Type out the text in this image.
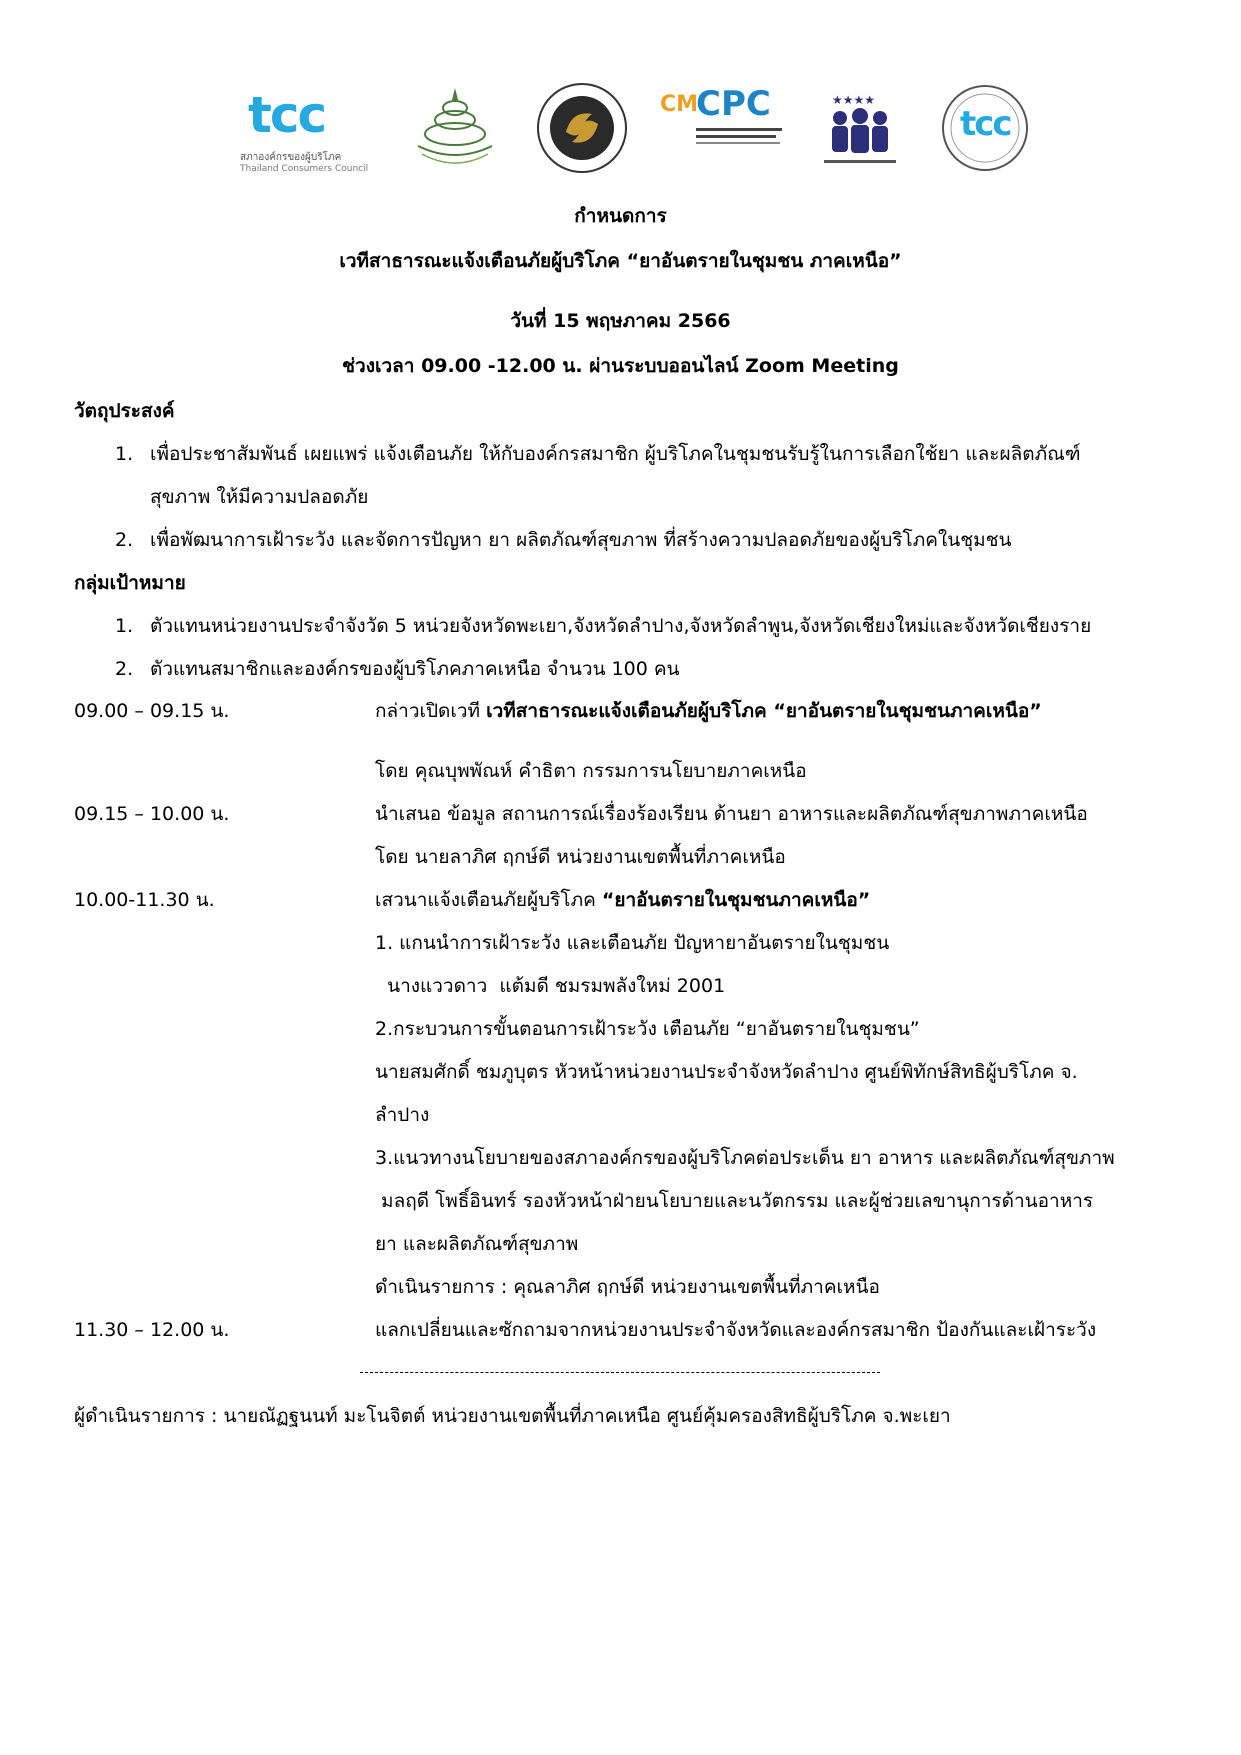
tcc
สภาองค์กรของผู้บริโภค
Thailand Consumers Council
CM
CPC	★★★★
tcc
กำหนดการ
เวทีสาธารณะแจ้งเตือนภัยผู้บริโภค “ยาอันตรายในชุมชน ภาคเหนือ”
วันที่ 15 พฤษภาคม 2566
ช่วงเวลา 09.00 -12.00 น. ผ่านระบบออนไลน์ Zoom Meeting
วัตถุประสงค์
1. เพื่อประชาสัมพันธ์ เผยแพร่ แจ้งเตือนภัย ให้กับองค์กรสมาชิก ผู้บริโภคในชุมชนรับรู้ในการเลือกใช้ยา และผลิตภัณฑ์
สุขภาพ ให้มีความปลอดภัย
2. เพื่อพัฒนาการเฝ้าระวัง และจัดการปัญหา ยา ผลิตภัณฑ์สุขภาพ ที่สร้างความปลอดภัยของผู้บริโภคในชุมชน
กลุ่มเป้าหมาย
1. ตัวแทนหน่วยงานประจำจังวัด 5 หน่วยจังหวัดพะเยา,จังหวัดลำปาง,จังหวัดลำพูน,จังหวัดเชียงใหม่และจังหวัดเชียงราย
2. ตัวแทนสมาชิกและองค์กรของผู้บริโภคภาคเหนือ จำนวน 100 คน
09.00 – 09.15 น.	กล่าวเปิดเวที เวทีสาธารณะแจ้งเตือนภัยผู้บริโภค “ยาอันตรายในชุมชนภาคเหนือ”
โดย คุณบุพพัณห์ คำธิตา กรรมการนโยบายภาคเหนือ
09.15 – 10.00 น.	นำเสนอ ข้อมูล สถานการณ์เรื่องร้องเรียน ด้านยา อาหารและผลิตภัณฑ์สุขภาพภาคเหนือ
โดย นายลาภิศ ฤกษ์ดี หน่วยงานเขตพื้นที่ภาคเหนือ
10.00-11.30 น.	เสวนาแจ้งเตือนภัยผู้บริโภค “ยาอันตรายในชุมชนภาคเหนือ”
1. แกนนำการเฝ้าระวัง และเตือนภัย ปัญหายาอันตรายในชุมชน
นางแววดาว  แต้มดี ชมรมพลังใหม่ 2001
2.กระบวนการขั้นตอนการเฝ้าระวัง เตือนภัย “ยาอันตรายในชุมชน”
นายสมศักดิ์ ชมภูบุตร หัวหน้าหน่วยงานประจำจังหวัดลำปาง ศูนย์พิทักษ์สิทธิผู้บริโภค จ.
ลำปาง
3.แนวทางนโยบายของสภาองค์กรของผู้บริโภคต่อประเด็น ยา อาหาร และผลิตภัณฑ์สุขภาพ
มลฤดี โพธิ์อินทร์ รองหัวหน้าฝ่ายนโยบายและนวัตกรรม และผู้ช่วยเลขานุการด้านอาหาร
ยา และผลิตภัณฑ์สุขภาพ
ดำเนินรายการ : คุณลาภิศ ฤกษ์ดี หน่วยงานเขตพื้นที่ภาคเหนือ
11.30 – 12.00 น.	แลกเปลี่ยนและซักถามจากหน่วยงานประจำจังหวัดและองค์กรสมาชิก ป้องกันและเฝ้าระวัง
ผู้ดำเนินรายการ : นายณัฏฐนนท์ มะโนจิตต์ หน่วยงานเขตพื้นที่ภาคเหนือ ศูนย์คุ้มครองสิทธิผู้บริโภค จ.พะเยา
